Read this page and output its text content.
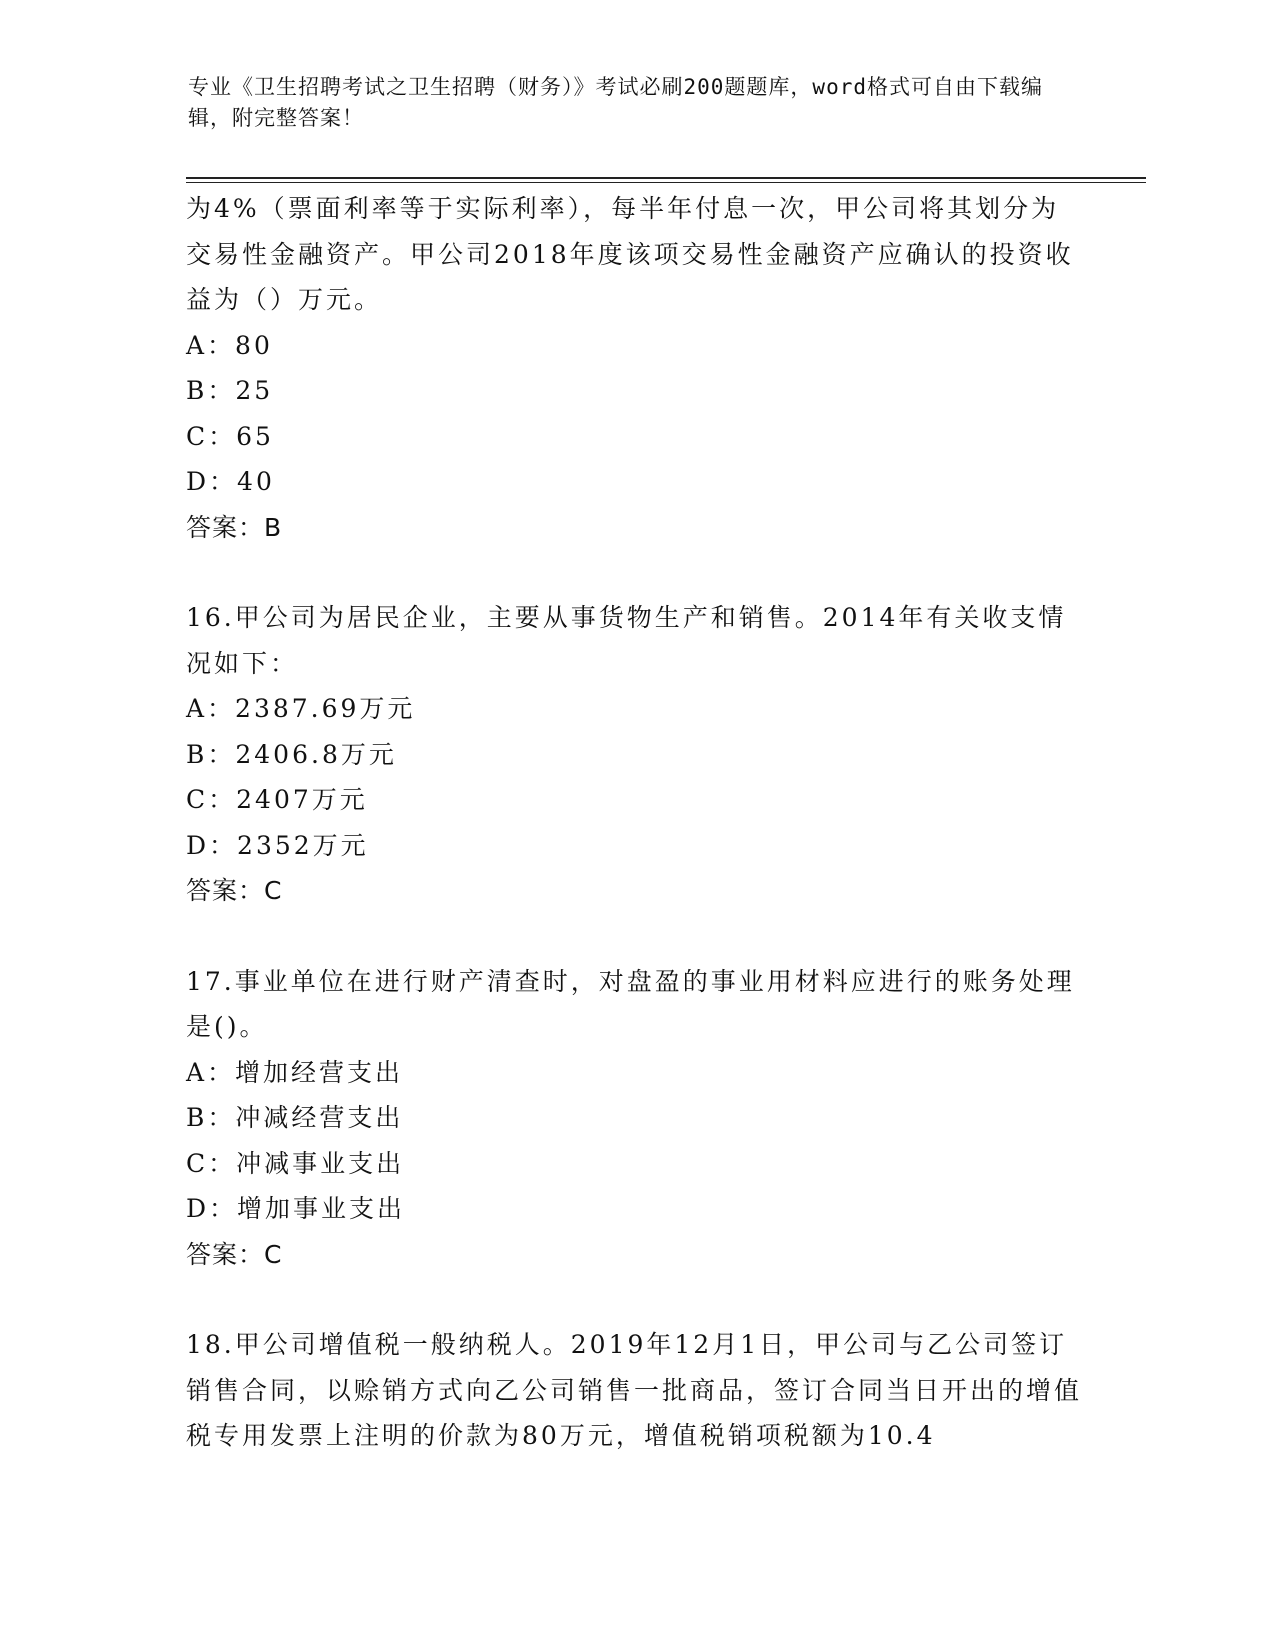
专业《卫生招聘考试之卫生招聘（财务）》考试必刷200题题库，word格式可自由下载编辑，附完整答案！

为4%（票面利率等于实际利率），每半年付息一次，甲公司将其划分为交易性金融资产。甲公司2018年度该项交易性金融资产应确认的投资收益为（）万元。

A：80

B：25

C：65

D：40

答案：B

16.甲公司为居民企业，主要从事货物生产和销售。2014年有关收支情况如下：

A：2387.69万元

B：2406.8万元

C：2407万元

D：2352万元

答案：C

17.事业单位在进行财产清查时，对盘盈的事业用材料应进行的账务处理是()。

A：增加经营支出

B：冲减经营支出

C：冲减事业支出

D：增加事业支出

答案：C

18.甲公司增值税一般纳税人。2019年12月1日，甲公司与乙公司签订销售合同，以赊销方式向乙公司销售一批商品，签订合同当日开出的增值税专用发票上注明的价款为80万元，增值税销项税额为10.4
